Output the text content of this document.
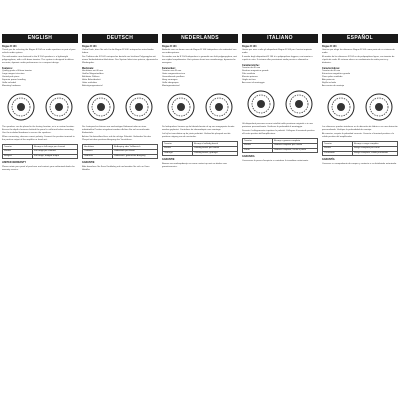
ENGLISH
Rogue R 104

Thank you for selecting the Rogue R 104 car audio speakers as part of your vehicle audio system.

The mid-woofer cone featured in the R 104 speakers is a lightweight polypropylene, with a silk dome tweeter. The system is designed to deliver accurate, dynamic audio performance in a compact design.

Features:
Quality grade of 40mm tweeter
Large magnet structure
Vented pole piece
Superior power handling
Grille included
Mounting hardware

The speakers can be placed in the factory location, or in a custom location. Ensure the depth clearance behind the panel is sufficient before mounting. Use the included hardware to secure the speakers.

When connecting, observe correct polarity. Connect the positive terminal to the positive output of the amplifier or head unit.

Tweeter	Bi-amp or full range per channel
Woofer	Full range per channel
Bridged	Full range, bridged output
LIMITED WARRANTY
Please retain your proof of purchase and contact your authorized dealer for warranty service.
DEUTSCH
Rogue R 104

Vielen Dank, dass Sie sich für die Rogue R 104 Lautsprecher entschieden haben.

Der Tieftöner der R 104 Lautsprecher besteht aus leichtem Polypropylen mit einem Seidenkalotten-Hochtöner. Das System liefert eine präzise, dynamische Wiedergabe.

Merkmale:
Hochtöner mit 40 mm
Großer Magnetaufbau
Belüfteter Polkern
Hohe Belastbarkeit
Gitter enthalten
Befestigungsmaterial

Die Lautsprecher können am werkseitigen Einbauort oder an einer individuellen Position eingebaut werden. Achten Sie auf ausreichende Einbautiefe.

Achten Sie beim Anschluss auf die richtige Polarität. Verbinden Sie den Pluspol mit dem positiven Ausgang des Verstärkers.

Hochtöner	Bi-Amping oder Vollbereich
Tieftöner	Vollbereich pro Kanal
Gebrückt	Vollbereich, gebrückter Ausgang
GARANTIE
Bitte bewahren Sie Ihren Kaufbeleg auf und wenden Sie sich an Ihren Händler.
NEDERLANDS
Rogue R 104

Bedankt voor uw keuze voor de Rogue R 104 luidsprekers als onderdeel van uw audiosysteem.

De woofer van de R 104 luidsprekers is gemaakt van licht polypropyleen, met een zijden koepeltweeter. Het systeem levert een nauwkeurige, dynamische weergave.

Kenmerken:
Tweeter van 40 mm
Grote magneetstructuur
Geventileerde poolkern
Hoog vermogen
Grille inbegrepen
Montagemateriaal

De luidsprekers kunnen op de fabriekslocatie of op een aangepaste locatie worden geplaatst. Controleer de inbouwdiepte voor montage.

Let bij het aansluiten op de juiste polariteit. Verbind de pluspool met de positieve uitgang van de versterker.

Tweeter	Bi-amp of volledig bereik
Woofer	Volledig bereik per kanaal
Gebrugd	Volledig bereik, gebrugd
GARANTIE
Bewaar uw aankoopbewijs en neem contact op met uw dealer voor garantieservice.
ITALIANO
Rogue R 104

Grazie per aver scelto gli altoparlanti Rogue R 104 per il vostro impianto audio.

Il woofer degli altoparlanti R 104 è in polipropilene leggero, con tweeter a cupola in seta. Il sistema offre prestazioni audio precise e dinamiche.

Caratteristiche:
Tweeter da 40 mm
Struttura magnetica grande
Polo ventilato
Elevata potenza
Griglia inclusa
Accessori di montaggio

Gli altoparlanti possono essere installati nella posizione originale o in una posizione personalizzata. Verificare la profondità di montaggio.

Durante il collegamento rispettare la polarità. Collegare il terminale positivo all'uscita positiva dell'amplificatore.

Tweeter	Bi-amp o gamma completa
Woofer	Gamma completa per canale
Ponte	Gamma completa, uscita a ponte
GARANZIA
Conservare la prova d'acquisto e contattare il rivenditore autorizzato.
ESPAÑOL
Rogue R 104

Gracias por elegir los altavoces Rogue R 104 como parte de su sistema de audio.

El woofer de los altavoces R 104 es de polipropileno ligero, con tweeter de cúpula de seda. El sistema ofrece un rendimiento de audio preciso y dinámico.

Características:
Tweeter de 40 mm
Estructura magnética grande
Pieza polar ventilada
Alta potencia
Rejilla incluida
Accesorios de montaje

Los altavoces pueden instalarse en la ubicación de fábrica o en una ubicación personalizada. Verifique la profundidad de montaje.

Al conectar, respete la polaridad correcta. Conecte el terminal positivo a la salida positiva del amplificador.

Tweeter	Bi-amp o rango completo
Woofer	Rango completo por canal
Puenteado	Rango completo, salida puenteada
GARANTÍA
Conserve su comprobante de compra y contacte a su distribuidor autorizado.
